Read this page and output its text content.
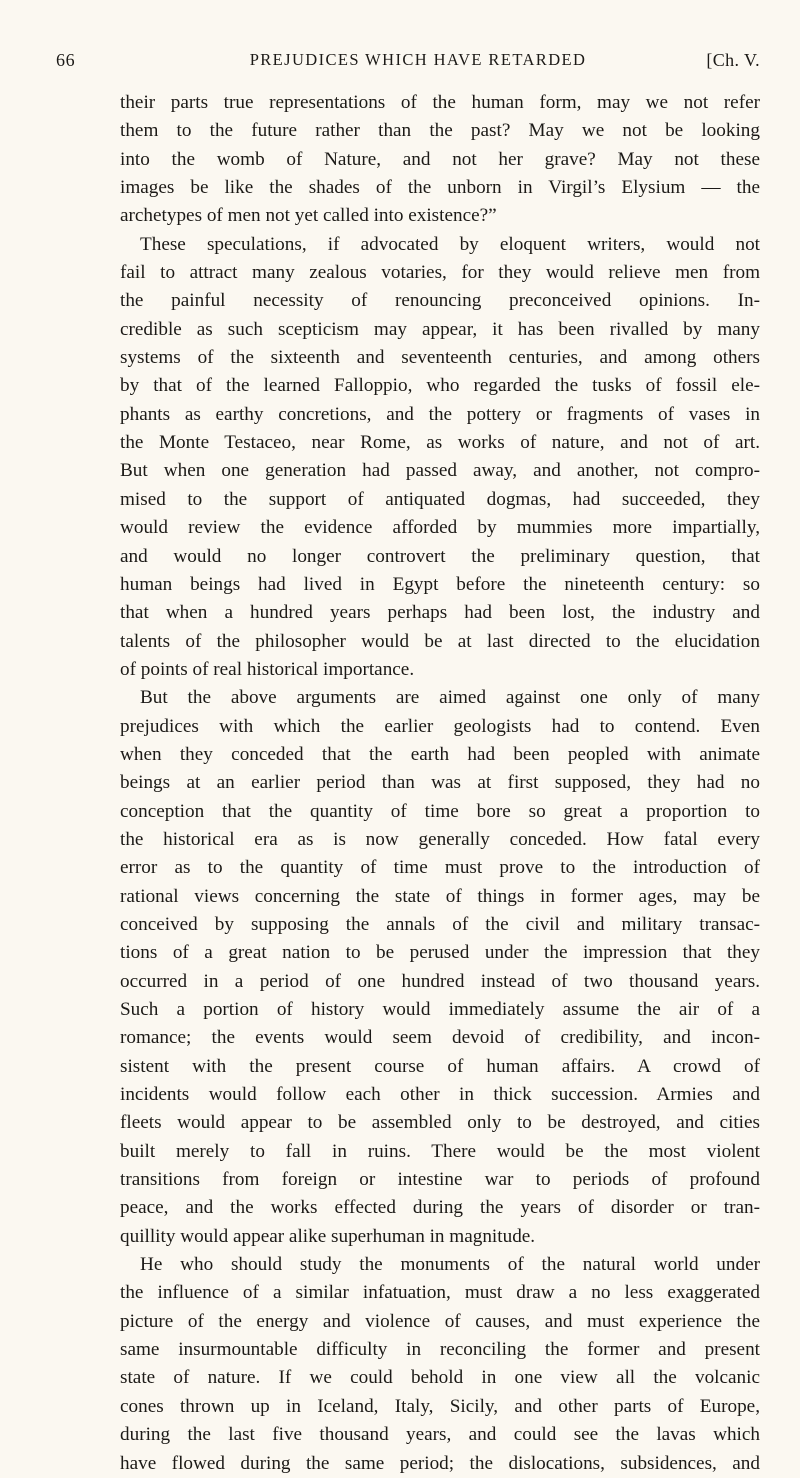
66	PREJUDICES WHICH HAVE RETARDED	[Ch. V.
their parts true representations of the human form, may we not refer
them to the future rather than the past? May we not be looking
into the womb of Nature, and not her grave? May not these
images be like the shades of the unborn in Virgil’s Elysium — the
archetypes of men not yet called into existence?”
These speculations, if advocated by eloquent writers, would not
fail to attract many zealous votaries, for they would relieve men from
the painful necessity of renouncing preconceived opinions. In-
credible as such scepticism may appear, it has been rivalled by many
systems of the sixteenth and seventeenth centuries, and among others
by that of the learned Falloppio, who regarded the tusks of fossil ele-
phants as earthy concretions, and the pottery or fragments of vases in
the Monte Testaceo, near Rome, as works of nature, and not of art.
But when one generation had passed away, and another, not compro-
mised to the support of antiquated dogmas, had succeeded, they
would review the evidence afforded by mummies more impartially,
and would no longer controvert the preliminary question, that
human beings had lived in Egypt before the nineteenth century: so
that when a hundred years perhaps had been lost, the industry and
talents of the philosopher would be at last directed to the elucidation
of points of real historical importance.
But the above arguments are aimed against one only of many
prejudices with which the earlier geologists had to contend. Even
when they conceded that the earth had been peopled with animate
beings at an earlier period than was at first supposed, they had no
conception that the quantity of time bore so great a proportion to
the historical era as is now generally conceded. How fatal every
error as to the quantity of time must prove to the introduction of
rational views concerning the state of things in former ages, may be
conceived by supposing the annals of the civil and military transac-
tions of a great nation to be perused under the impression that they
occurred in a period of one hundred instead of two thousand years.
Such a portion of history would immediately assume the air of a
romance; the events would seem devoid of credibility, and incon-
sistent with the present course of human affairs. A crowd of
incidents would follow each other in thick succession. Armies and
fleets would appear to be assembled only to be destroyed, and cities
built merely to fall in ruins. There would be the most violent
transitions from foreign or intestine war to periods of profound
peace, and the works effected during the years of disorder or tran-
quillity would appear alike superhuman in magnitude.
He who should study the monuments of the natural world under
the influence of a similar infatuation, must draw a no less exaggerated
picture of the energy and violence of causes, and must experience the
same insurmountable difficulty in reconciling the former and present
state of nature. If we could behold in one view all the volcanic
cones thrown up in Iceland, Italy, Sicily, and other parts of Europe,
during the last five thousand years, and could see the lavas which
have flowed during the same period; the dislocations, subsidences, and
